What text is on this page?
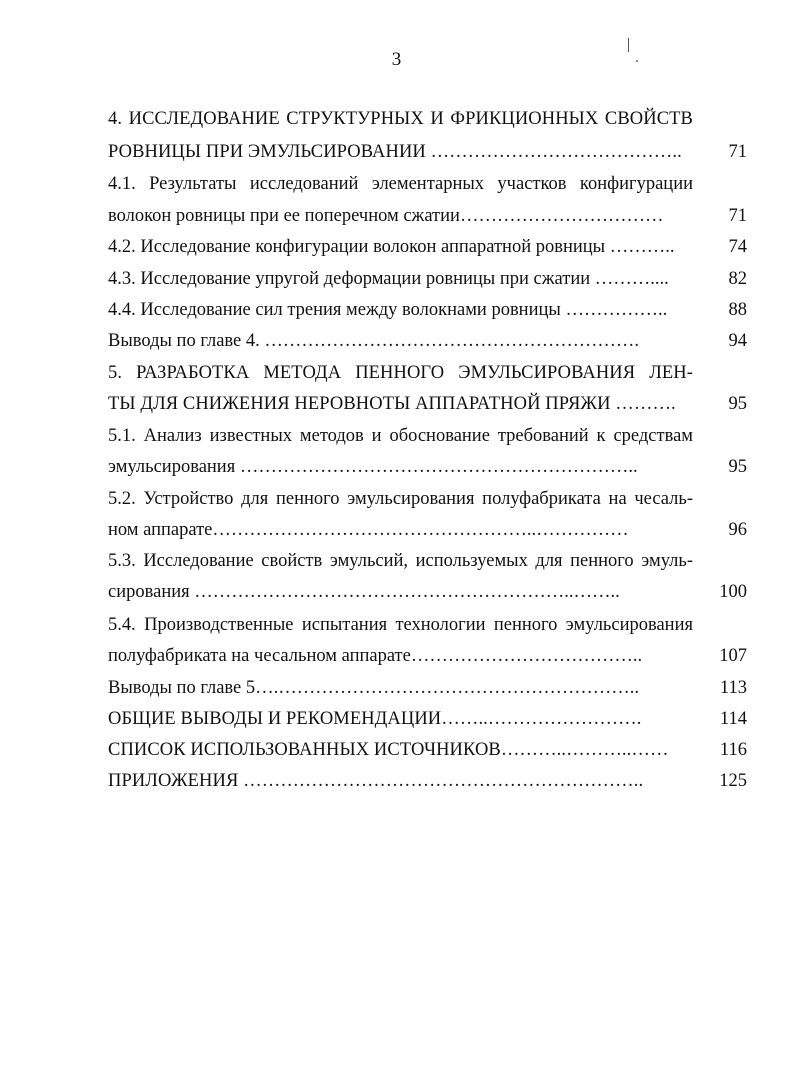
3
4. ИССЛЕДОВАНИЕ СТРУКТУРНЫХ И ФРИКЦИОННЫХ СВОЙСТВ
РОВНИЦЫ ПРИ ЭМУЛЬСИРОВАНИИ …………………………………..	71
4.1. Результаты исследований элементарных участков конфигурации
волокон ровницы при ее поперечном сжатии……………………………	71
4.2. Исследование конфигурации волокон аппаратной ровницы ………..	74
4.3. Исследование упругой деформации ровницы при сжатии ………....	82
4.4. Исследование сил трения между волокнами ровницы ……………..	88
Выводы по главе 4. …………………………………………………….	94
5. РАЗРАБОТКА МЕТОДА ПЕННОГО ЭМУЛЬСИРОВАНИЯ ЛЕН-
ТЫ ДЛЯ СНИЖЕНИЯ НЕРОВНОТЫ АППАРАТНОЙ ПРЯЖИ ……….	95
5.1. Анализ известных методов и обоснование требований к средствам
эмульсирования ………………………………………………………..	95
5.2. Устройство для пенного эмульсирования полуфабриката на чесаль-
ном аппарате……………………………………………..……………	96
5.3. Исследование свойств эмульсий, используемых для пенного эмуль-
сирования ……………………………………………………..……..	100
5.4. Производственные испытания технологии пенного эмульсирования
полуфабриката на чесальном аппарате………………………………..	107
Выводы по главе 5….…………………………………………………..	113
ОБЩИЕ ВЫВОДЫ И РЕКОМЕНДАЦИИ……..…………………….	114
СПИСОК ИСПОЛЬЗОВАННЫХ ИСТОЧНИКОВ………..………..……	116
ПРИЛОЖЕНИЯ ………………………………………………………..	125
